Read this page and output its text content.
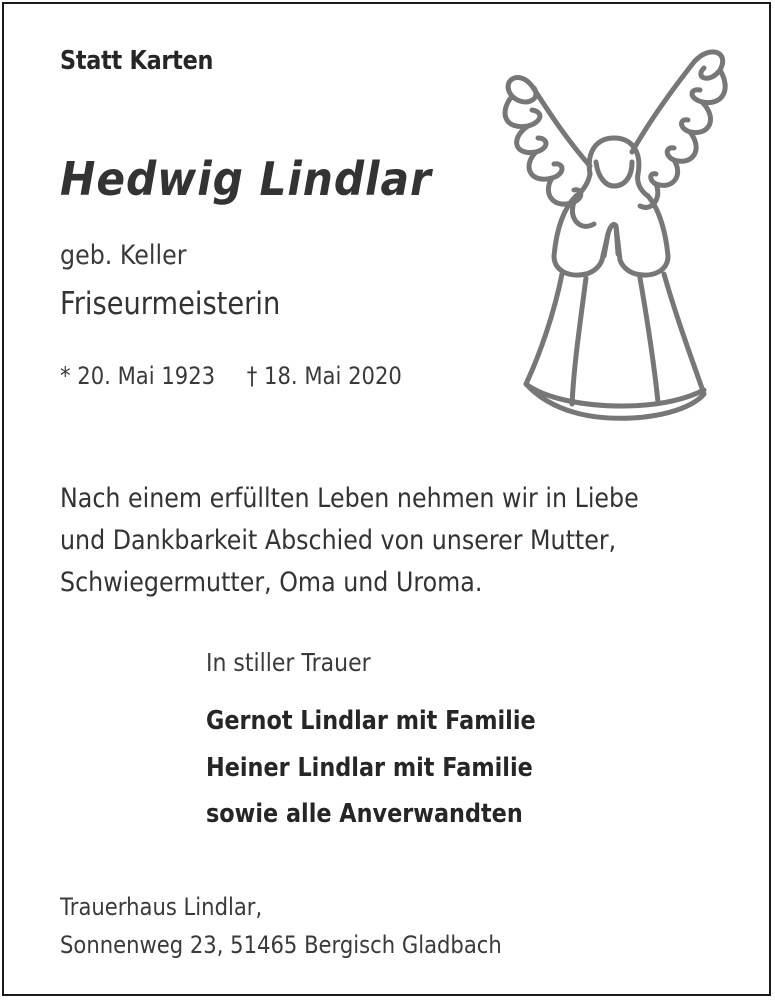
Statt Karten
Hedwig Lindlar
geb. Keller
Friseurmeisterin
* 20. Mai 1923 † 18. Mai 2020
Nach einem erfüllten Leben nehmen wir in Liebe
und Dankbarkeit Abschied von unserer Mutter,
Schwiegermutter, Oma und Uroma.
In stiller Trauer
Gernot Lindlar mit Familie
Heiner Lindlar mit Familie
sowie alle Anverwandten
Trauerhaus Lindlar,
Sonnenweg 23, 51465 Bergisch Gladbach
